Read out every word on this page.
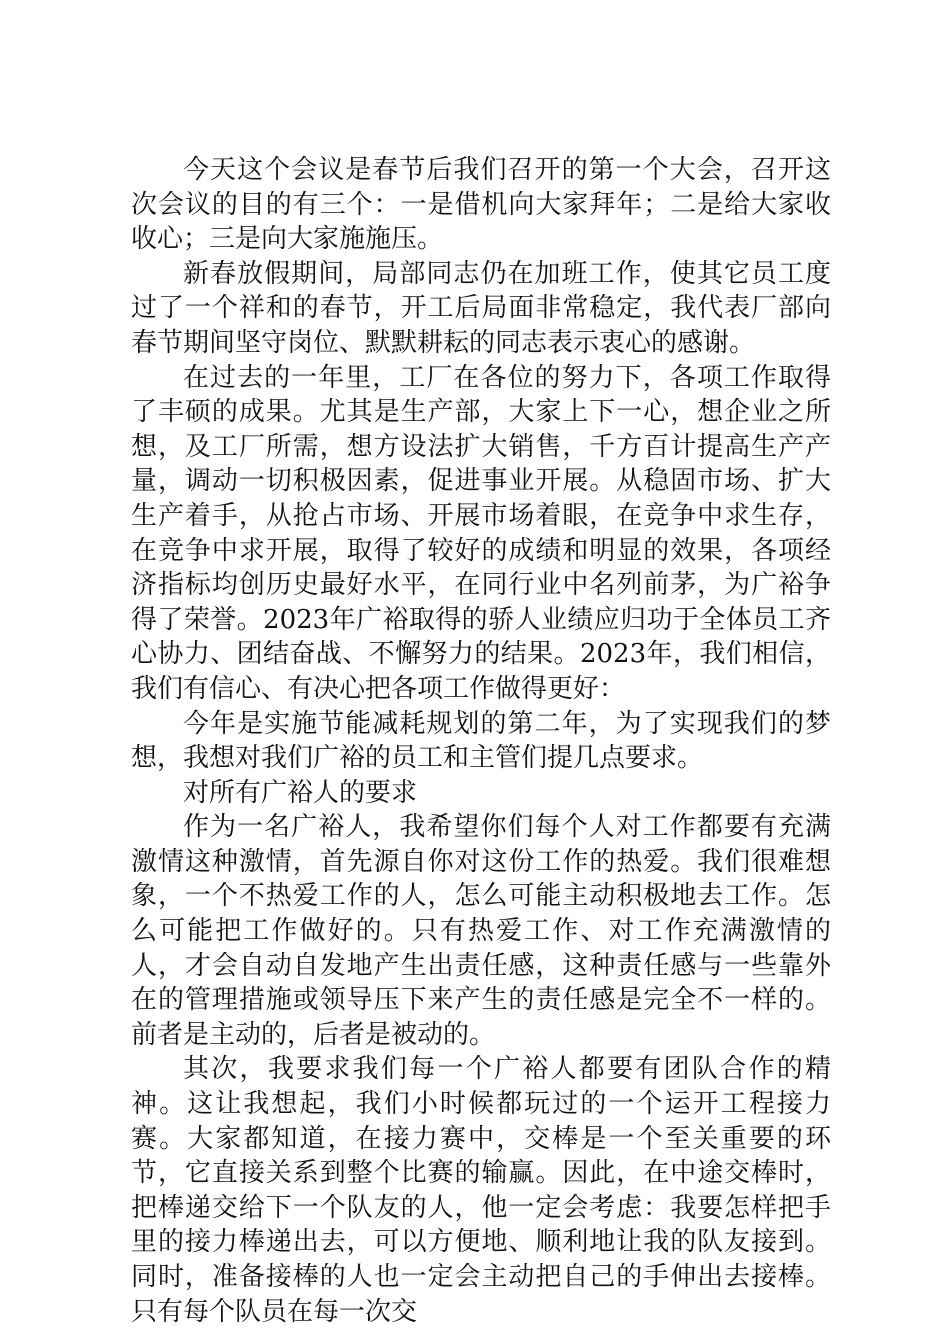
今天这个会议是春节后我们召开的第一个大会，召开这次会议的目的有三个：一是借机向大家拜年；二是给大家收收心；三是向大家施施压。

新春放假期间，局部同志仍在加班工作，使其它员工度过了一个祥和的春节，开工后局面非常稳定，我代表厂部向春节期间坚守岗位、默默耕耘的同志表示衷心的感谢。

在过去的一年里，工厂在各位的努力下，各项工作取得了丰硕的成果。尤其是生产部，大家上下一心，想企业之所想，及工厂所需，想方设法扩大销售，千方百计提高生产产量，调动一切积极因素，促进事业开展。从稳固市场、扩大生产着手，从抢占市场、开展市场着眼，在竞争中求生存，在竞争中求开展，取得了较好的成绩和明显的效果，各项经济指标均创历史最好水平，在同行业中名列前茅，为广裕争得了荣誉。2023年广裕取得的骄人业绩应归功于全体员工齐心协力、团结奋战、不懈努力的结果。2023年，我们相信，我们有信心、有决心把各项工作做得更好：

今年是实施节能减耗规划的第二年，为了实现我们的梦想，我想对我们广裕的员工和主管们提几点要求。

对所有广裕人的要求

作为一名广裕人，我希望你们每个人对工作都要有充满激情这种激情，首先源自你对这份工作的热爱。我们很难想象，一个不热爱工作的人，怎么可能主动积极地去工作。怎么可能把工作做好的。只有热爱工作、对工作充满激情的人，才会自动自发地产生出责任感，这种责任感与一些靠外在的管理措施或领导压下来产生的责任感是完全不一样的。前者是主动的，后者是被动的。

其次，我要求我们每一个广裕人都要有团队合作的精神。这让我想起，我们小时候都玩过的一个运开工程接力赛。大家都知道，在接力赛中，交棒是一个至关重要的环节，它直接关系到整个比赛的输赢。因此，在中途交棒时，把棒递交给下一个队友的人，他一定会考虑：我要怎样把手里的接力棒递出去，可以方便地、顺利地让我的队友接到。同时，准备接棒的人也一定会主动把自己的手伸出去接棒。只有每个队员在每一次交
